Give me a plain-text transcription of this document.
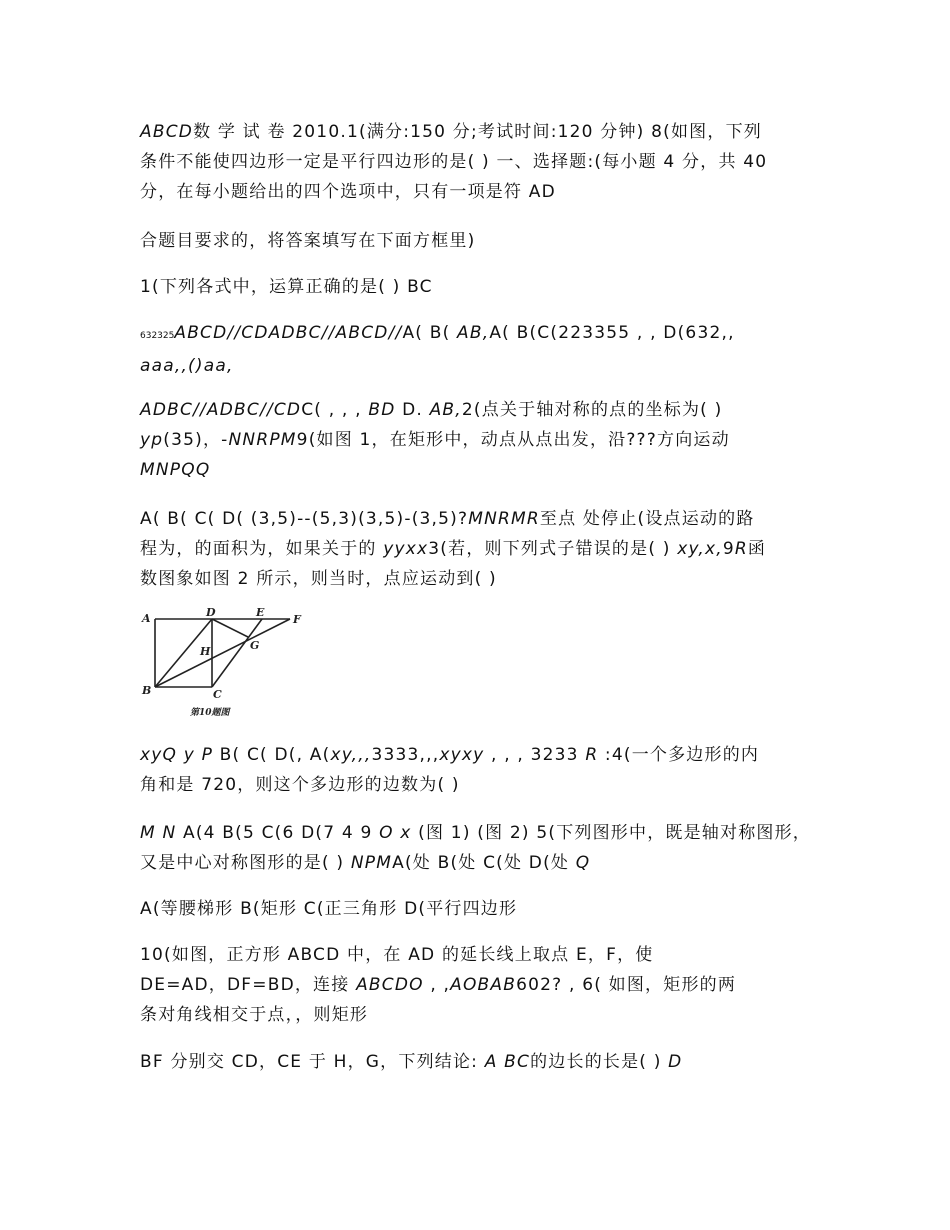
ABCD数 学 试 卷 2010.1(满分:150 分;考试时间:120 分钟) 8(如图，下列
条件不能使四边形一定是平行四边形的是( ) 一、选择题:(每小题 4 分，共 40
分，在每小题给出的四个选项中，只有一项是符 AD
合题目要求的，将答案填写在下面方框里)
1(下列各式中，运算正确的是( ) BC
632325ABCD//CDADBC//ABCD//A( B( AB,A( B(C(223355 , , D(632,,
aaa,,()aa,
ADBC//ADBC//CDC( , , , BD D. AB,2(点关于轴对称的点的坐标为( )
yp(35)，-NNRPM9(如图 1，在矩形中，动点从点出发，沿???方向运动
MNPQQ
A( B( C( D( (3,5)--(5,3)(3,5)-(3,5)?MNRMR至点 处停止(设点运动的路
程为，的面积为，如果关于的 yyxx3(若，则下列式子错误的是( ) xy,x,9R函
数图象如图 2 所示，则当时，点应运动到( )
A	D	E
F
H	G
B	C
第10题图
xyQ y P B( C( D(, A(xy,,,3333,,,xyxy , , , 3233 R :4(一个多边形的内
角和是 720，则这个多边形的边数为( )
M N A(4 B(5 C(6 D(7 4 9 O x (图 1) (图 2) 5(下列图形中，既是轴对称图形，
又是中心对称图形的是( ) NPMA(处 B(处 C(处 D(处 Q
A(等腰梯形 B(矩形 C(正三角形 D(平行四边形
10(如图，正方形 ABCD 中，在 AD 的延长线上取点 E，F，使
DE=AD，DF=BD，连接 ABCDO , ,AOBAB602? , 6( 如图，矩形的两
条对角线相交于点，，则矩形
BF 分别交 CD，CE 于 H，G，下列结论: A BC的边长的长是( ) D
